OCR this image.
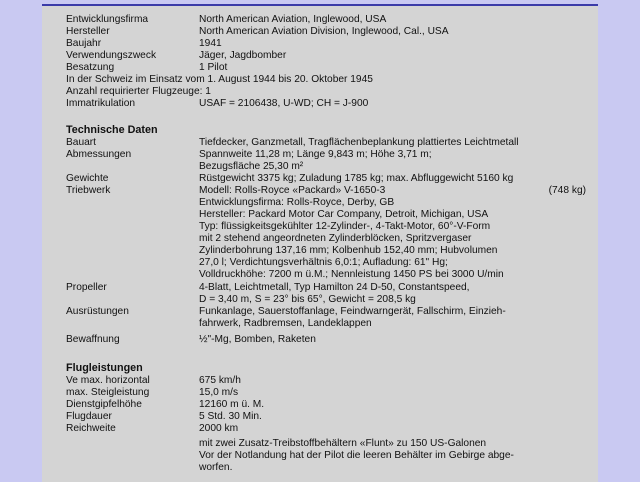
Entwicklungsfirma	North American Aviation, Inglewood, USA
Hersteller	North American Aviation Division, Inglewood, Cal., USA
Baujahr	1941
Verwendungszweck	Jäger, Jagdbomber
Besatzung	1 Pilot
In der Schweiz im Einsatz vom 1. August 1944 bis 20. Oktober 1945
Anzahl requirierter Flugzeuge: 1
Immatrikulation	USAF = 2106438, U-WD; CH = J-900
Technische Daten
Bauart	Tiefdecker, Ganzmetall, Tragflächenbeplankung plattiertes Leichtmetall
Abmessungen	Spannweite 11,28 m; Länge 9,843 m; Höhe 3,71 m;
Bezugsfläche 25,30 m²
Gewichte	Rüstgewicht 3375 kg; Zuladung 1785 kg; max. Abfluggewicht 5160 kg
Triebwerk	Modell: Rolls-Royce «Packard» V-1650-3	(748 kg)
Entwicklungsfirma: Rolls-Royce, Derby, GB
Hersteller: Packard Motor Car Company, Detroit, Michigan, USA
Typ: flüssigkeitsgekühlter 12-Zylinder-, 4-Takt-Motor, 60°-V-Form
mit 2 stehend angeordneten Zylinderblöcken, Spritzvergaser
Zylinderbohrung 137,16 mm; Kolbenhub 152,40 mm; Hubvolumen
27,0 l; Verdichtungsverhältnis 6,0:1; Aufladung: 61" Hg;
Volldruckhöhe: 7200 m ü.M.; Nennleistung 1450 PS bei 3000 U/min
Propeller	4-Blatt, Leichtmetall, Typ Hamilton 24 D-50, Constantspeed,
D = 3,40 m, S = 23° bis 65°, Gewicht = 208,5 kg
Ausrüstungen	Funkanlage, Sauerstoffanlage, Feindwarngerät, Fallschirm, Einzieh-
fahrwerk, Radbremsen, Landeklappen
Bewaffnung	½"-Mg, Bomben, Raketen
Flugleistungen
Ve max. horizontal	675 km/h
max. Steigleistung	15,0 m/s
Dienstgipfelhöhe	12160 m ü. M.
Flugdauer	5 Std. 30 Min.
Reichweite	2000 km
mit zwei Zusatz-Treibstoffbehältern «Flunt» zu 150 US-Galonen
Vor der Notlandung hat der Pilot die leeren Behälter im Gebirge abge-
worfen.
